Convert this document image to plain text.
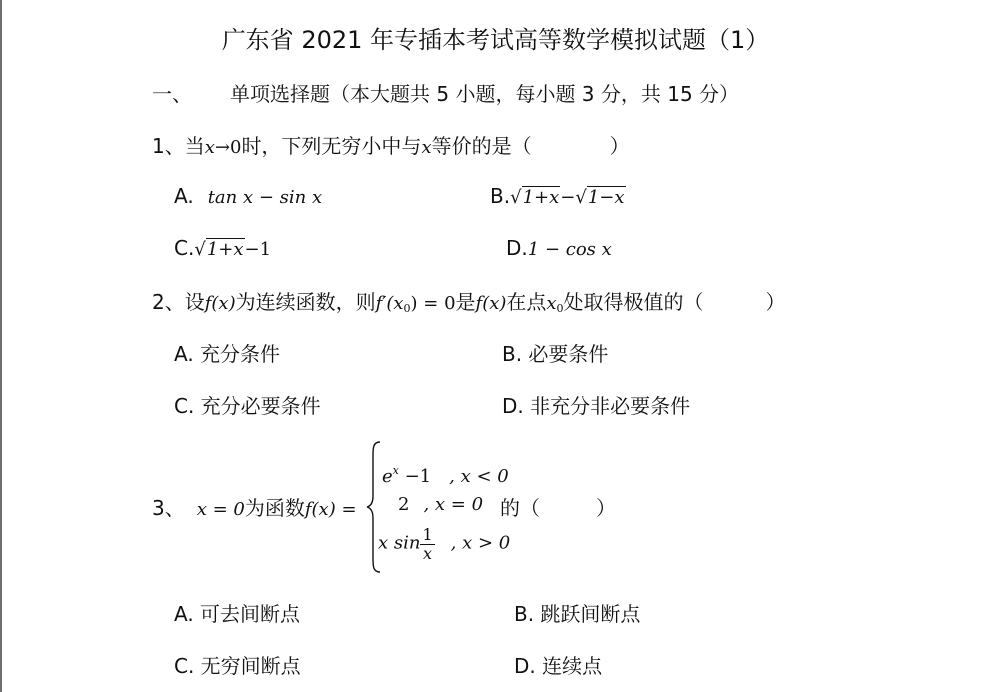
广东省 2021 年专插本考试高等数学模拟试题（1）
一、 单项选择题（本大题共 5 小题，每小题 3 分，共 15 分）
1、当x→0时，下列无穷小中与x等价的是（	）
A. tan x − sin x	B.√1+x−√1−x
C.√1+x−1	D.1 − cos x
2、设f(x)为连续函数，则$f'(x_0) = 0$是f(x)在点$x_0$处取得极值的（	）
A. 充分条件	B. 必要条件
C. 充分必要条件	D. 非充分非必要条件
3、 x = 0为函数f(x) =
$e^x -1$ , x < 0
2 , x = 0
x $\sin \frac{1}{x}$ , x > 0
的（	）
A. 可去间断点	B. 跳跃间断点
C. 无穷间断点	D. 连续点
